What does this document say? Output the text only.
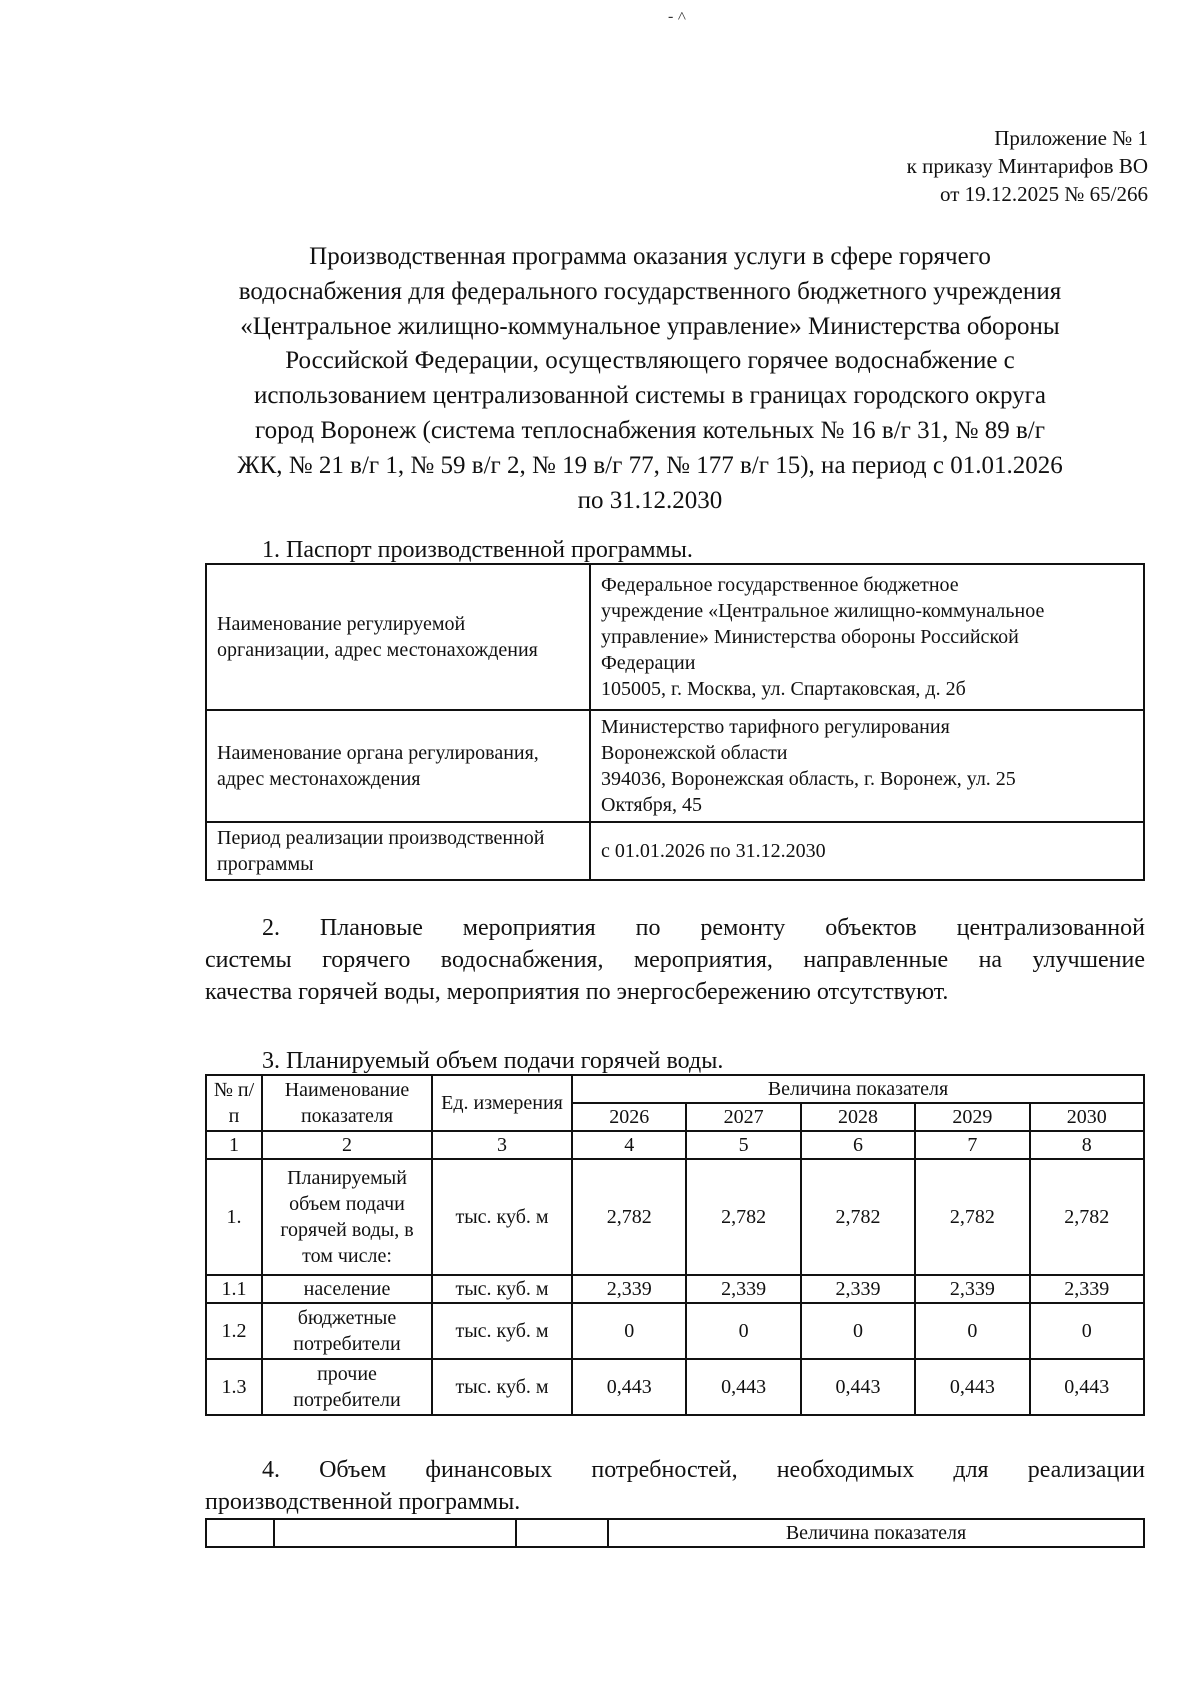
‑ ˄
Приложение № 1
к приказу Минтарифов ВО
от 19.12.2025 № 65/266
Производственная программа оказания услуги в сфере горячего
водоснабжения для федерального государственного бюджетного учреждения
«Центральное жилищно-коммунальное управление» Министерства обороны
Российской Федерации, осуществляющего горячее водоснабжение с
использованием централизованной системы в границах городского округа
город Воронеж (система теплоснабжения котельных № 16 в/г 31, № 89 в/г
ЖК, № 21 в/г 1, № 59 в/г 2, № 19 в/г 77, № 177 в/г 15), на период с 01.01.2026
по 31.12.2030
1. Паспорт производственной программы.
Наименование регулируемой организации, адрес местонахождения	Федеральное государственное бюджетное
учреждение «Центральное жилищно-коммунальное
управление» Министерства обороны Российской
Федерации
105005, г. Москва, ул. Спартаковская, д. 2б

Наименование органа регулирования, адрес местонахождения	Министерство тарифного регулирования
Воронежской области
394036, Воронежская область, г. Воронеж, ул. 25
Октября, 45

Период реализации производственной программы	с 01.01.2026 по 31.12.2030
2. Плановые мероприятия по ремонту объектов централизованной
системы горячего водоснабжения, мероприятия, направленные на улучшение
качества горячей воды, мероприятия по энергосбережению отсутствуют.
3. Планируемый объем подачи горячей воды.
№ п/п	Наименование показателя	Ед. измерения	Величина показателя				
			2026	2027	2028	2029	2030
1	2	3	4	5	6	7	8
1.	Планируемый объем подачи горячей воды, в том числе:	тыс. куб. м	2,782	2,782	2,782	2,782	2,782
1.1	население	тыс. куб. м	2,339	2,339	2,339	2,339	2,339
1.2	бюджетные потребители	тыс. куб. м	0	0	0	0	0
1.3	прочие потребители	тыс. куб. м	0,443	0,443	0,443	0,443	0,443
4. Объем финансовых потребностей, необходимых для реализации
производственной программы.
			Величина показателя
